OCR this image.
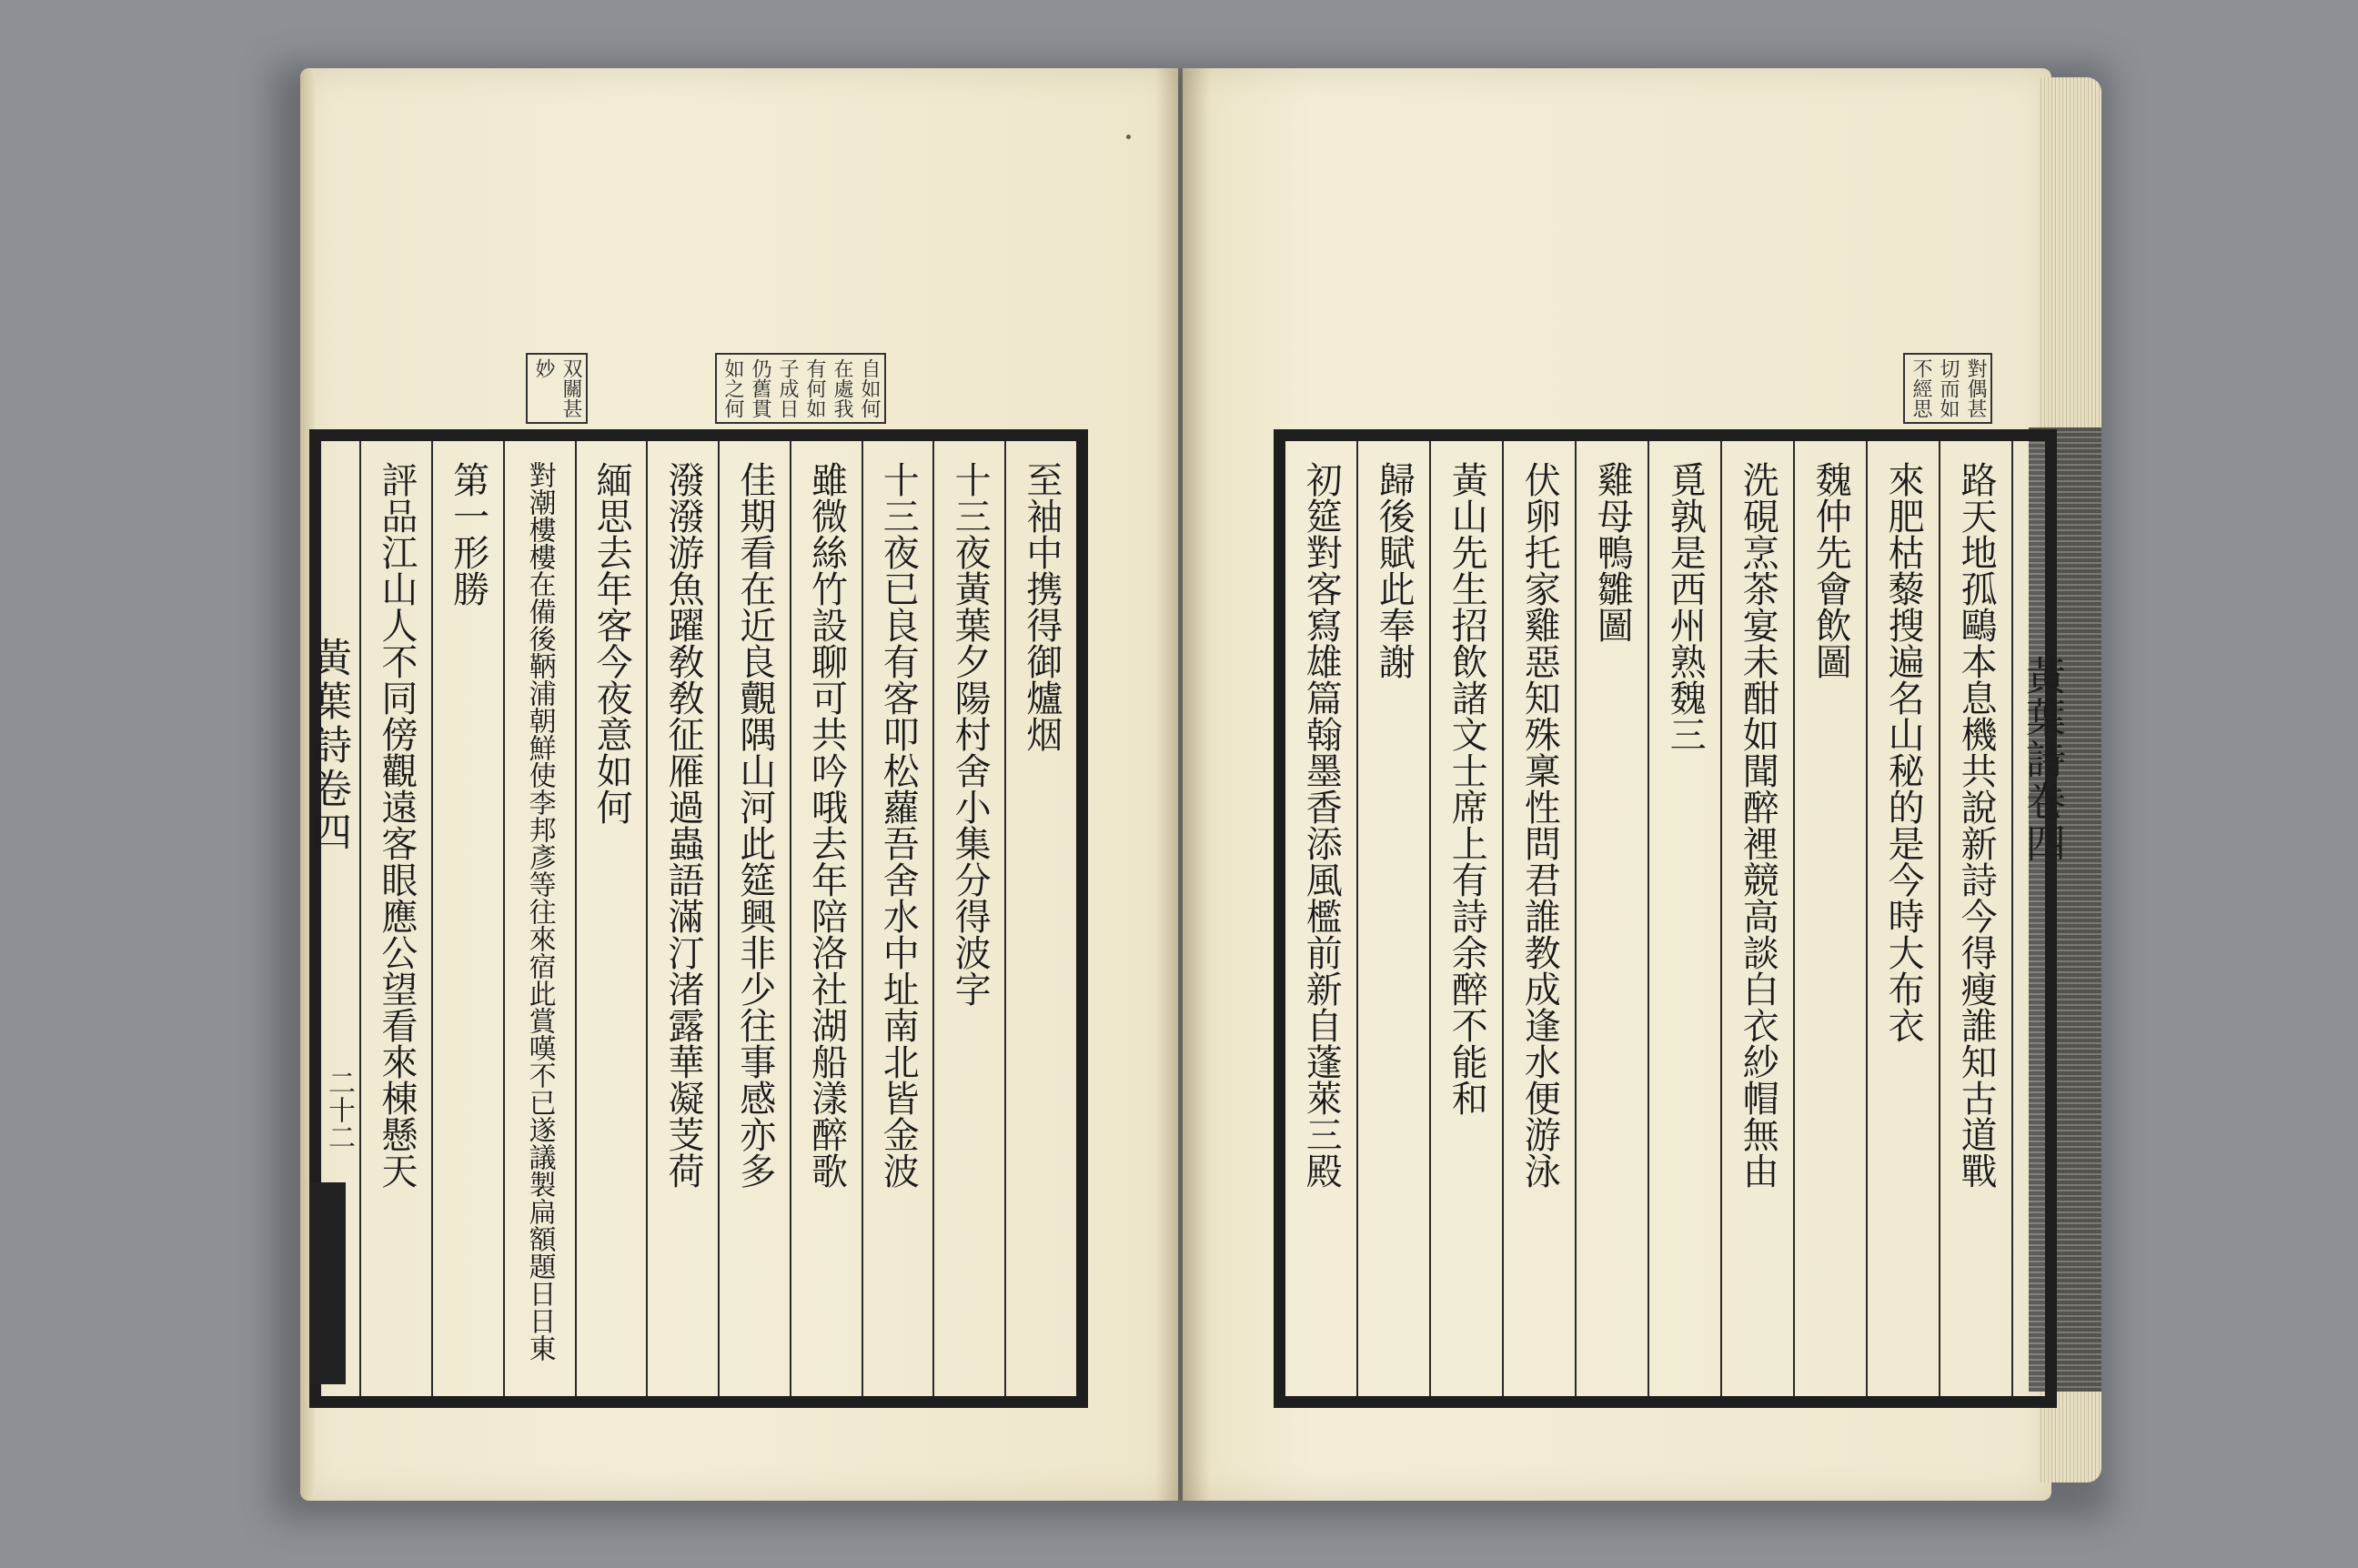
双關甚
妙	自如何
在處我
有何如
子成日
仍舊貫
如之何	對偶甚
切而如
不經思
至袖中携得御爐烟
十三夜黃葉夕陽村舍小集分得波字
十三夜已良有客叩松蘿吾舍水中址南北皆金波
雖微絲竹設聊可共吟哦去年陪洛社湖船漾醉歌
佳期看在近良覿隅山河此筵興非少往事感亦多
潑潑游魚躍敎敎征雁過蟲語滿汀渚露華凝芰荷
緬思去年客今夜意如何
對潮樓樓在備後鞆浦朝鮮使李邦彥等往來宿此賞嘆不已遂議製扁額題日日東
第一形勝
評品江山人不同傍觀遠客眼應公望看來棟懸天
黃葉詩卷四
二十二	路天地孤鷗本息機共說新詩今得瘦誰知古道戰
來肥枯藜搜遍名山秘的是今時大布衣
魏仲先會飲圖
洗硯烹茶宴未酣如聞醉裡競高談白衣紗帽無由
覓孰是西州熟魏三
雞母鴨雛圖
伏卵托家雞惡知殊稟性問君誰教成逢水便游泳
黃山先生招飲諸文士席上有詩余醉不能和
歸後賦此奉謝
初筵對客寫雄篇翰墨香添風檻前新自蓬萊三殿	黃葉詩卷四
